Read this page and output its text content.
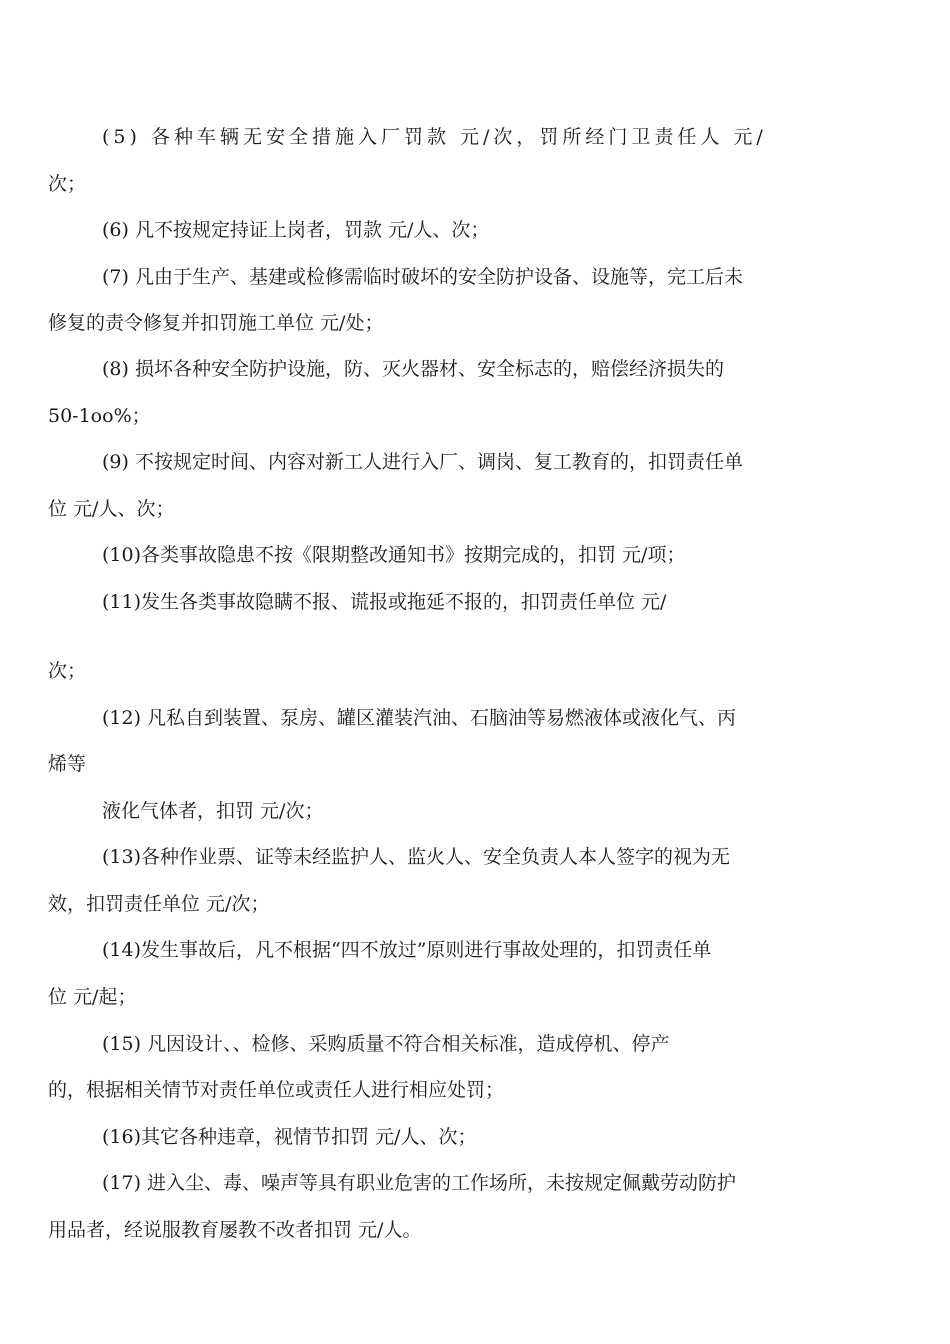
(5) 各种车辆无安全措施入厂罚款 元/次，罚所经门卫责任人 元/
次；
(6) 凡不按规定持证上岗者，罚款 元/人、次；
(7) 凡由于生产、基建或检修需临时破坏的安全防护设备、设施等，完工后未
修复的责令修复并扣罚施工单位 元/处；
(8) 损坏各种安全防护设施，防、灭火器材、安全标志的，赔偿经济损失的
50-1oo%；
(9) 不按规定时间、内容对新工人进行入厂、调岗、复工教育的，扣罚责任单
位 元/人、次；
(10)各类事故隐患不按《限期整改通知书》按期完成的，扣罚 元/项；
(11)发生各类事故隐瞒不报、谎报或拖延不报的，扣罚责任单位 元/
次；
(12) 凡私自到装置、泵房、罐区灌装汽油、石脑油等易燃液体或液化气、丙
烯等
液化气体者，扣罚 元/次；
(13)各种作业票、证等未经监护人、监火人、安全负责人本人签字的视为无
效，扣罚责任单位 元/次；
(14)发生事故后，凡不根据“四不放过”原则进行事故处理的，扣罚责任单
位 元/起；
(15) 凡因设计、、检修、采购质量不符合相关标准，造成停机、停产
的，根据相关情节对责任单位或责任人进行相应处罚；
(16)其它各种违章，视情节扣罚 元/人、次；
(17) 进入尘、毒、噪声等具有职业危害的工作场所，未按规定佩戴劳动防护
用品者，经说服教育屡教不改者扣罚 元/人。
